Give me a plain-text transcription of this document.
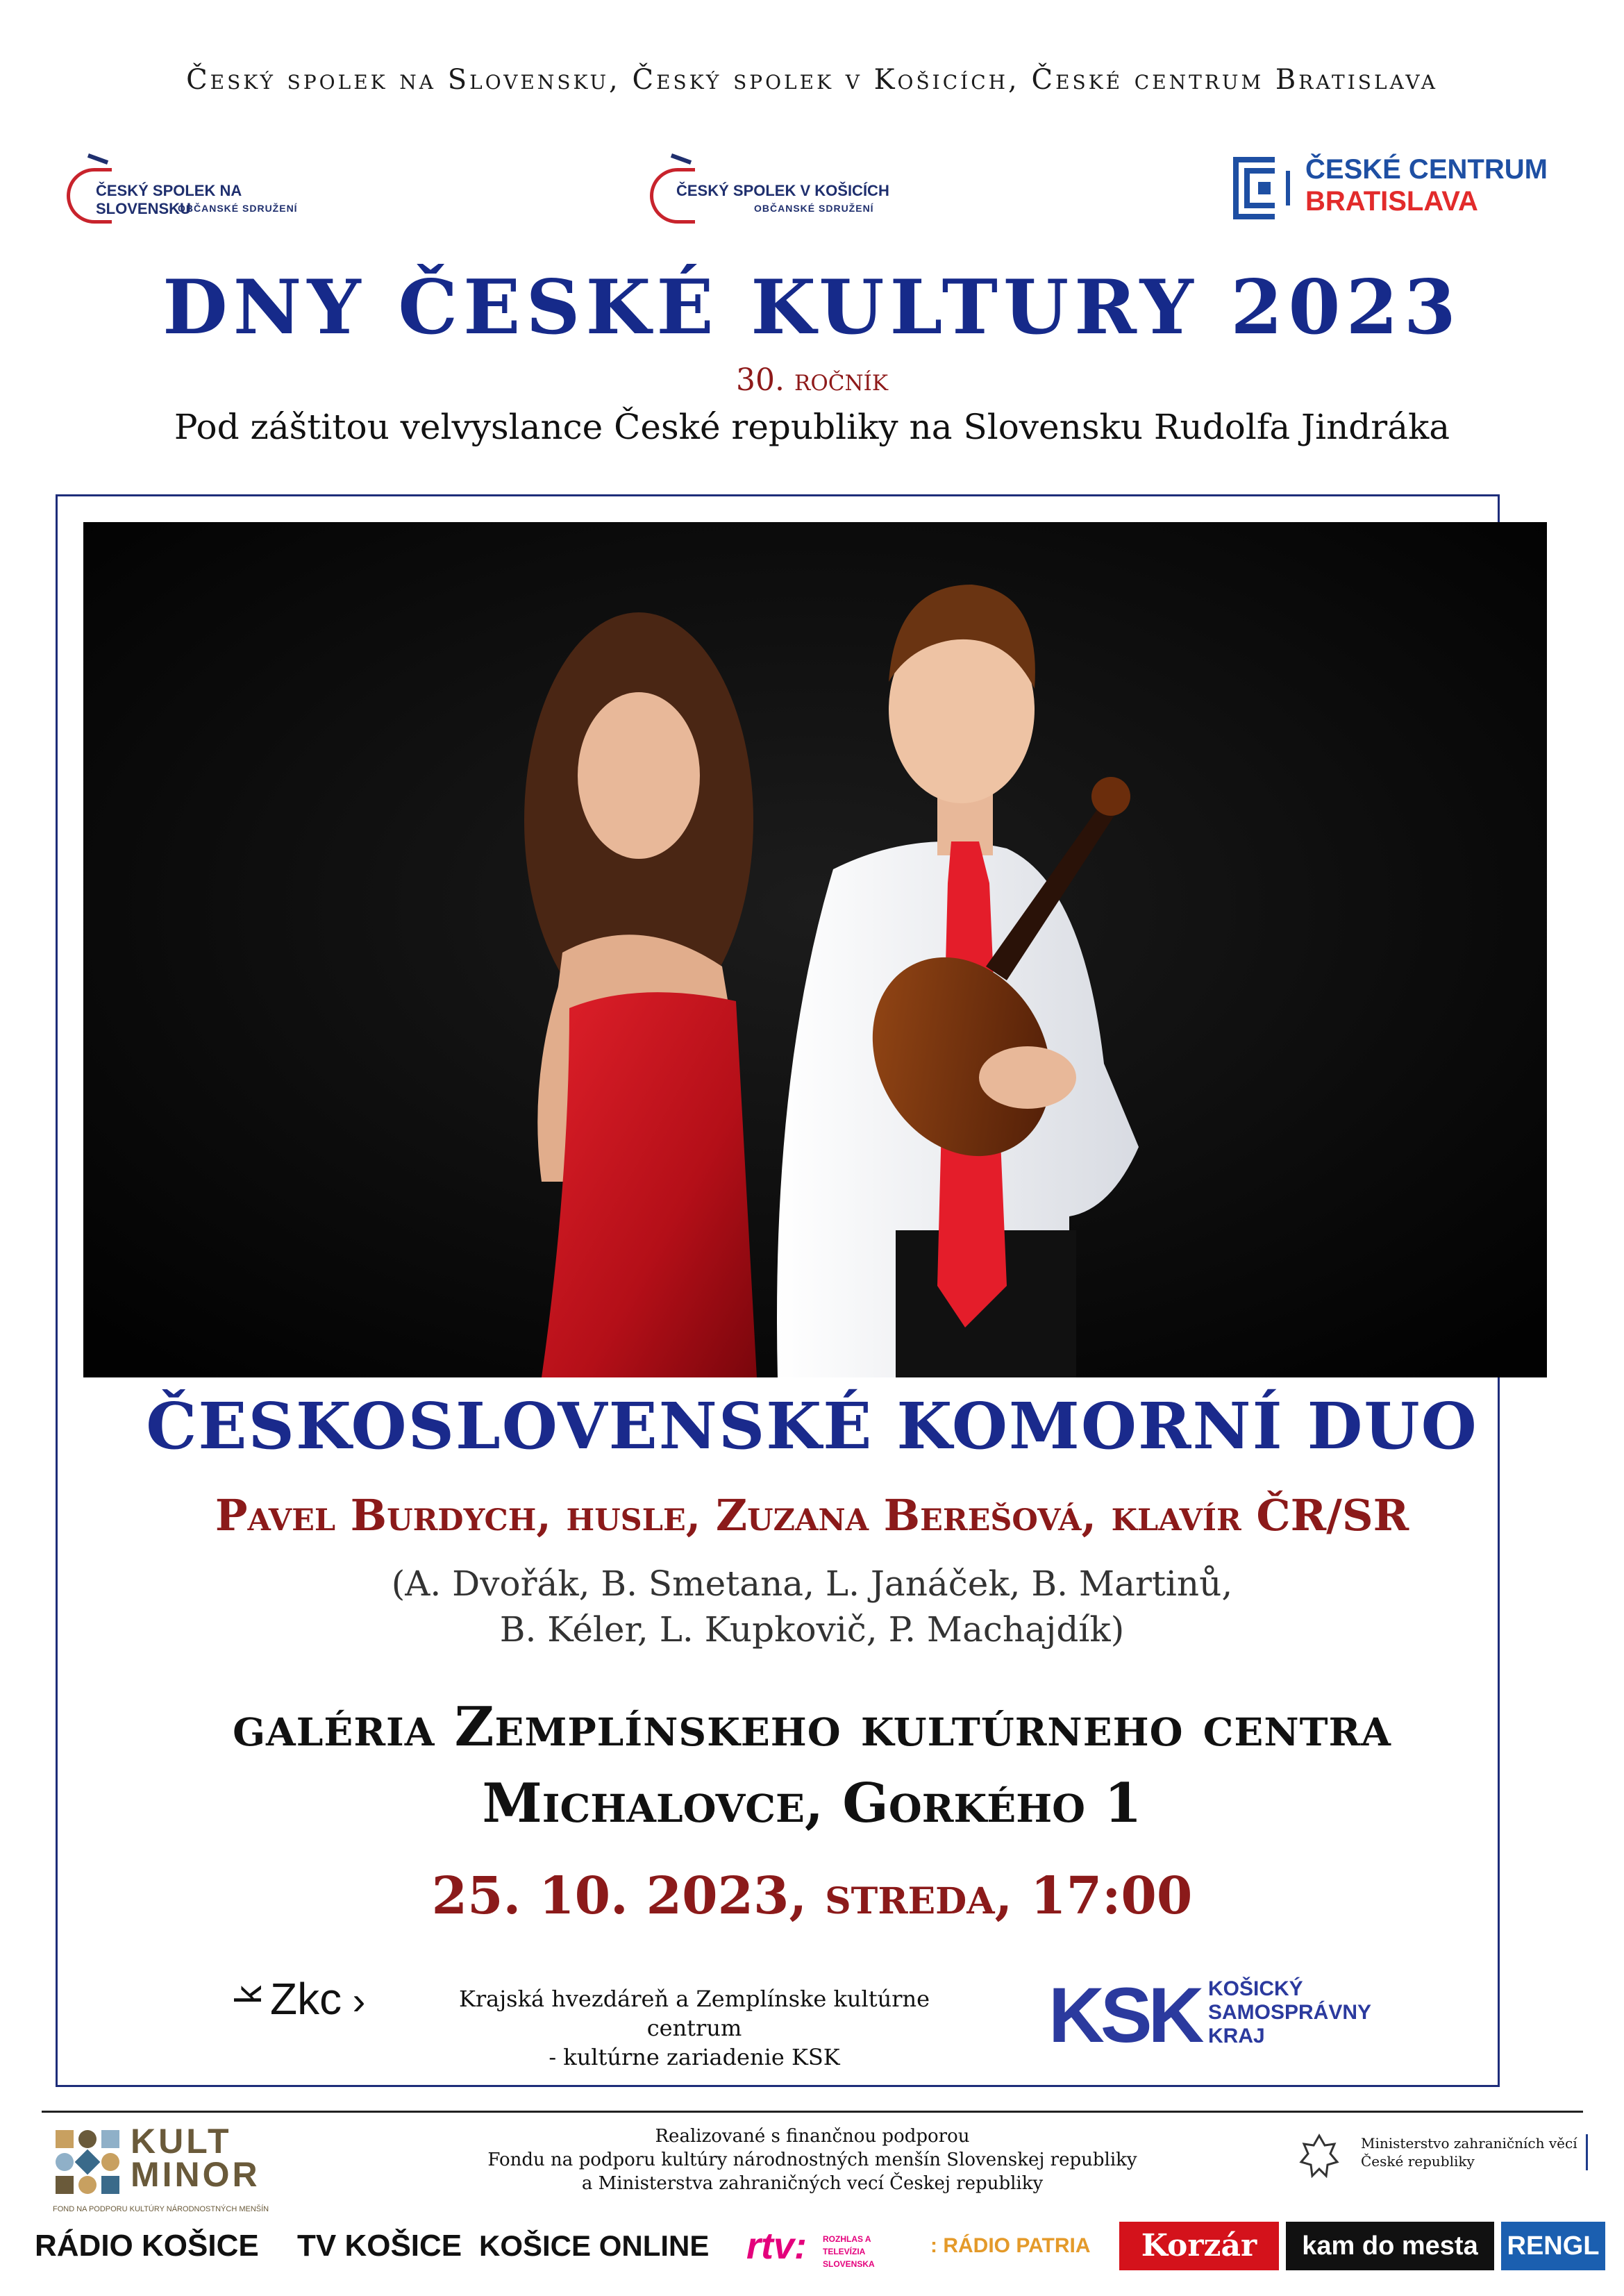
Český spolek na Slovensku, Český spolek v Košicích, České centrum Bratislava
ČESKÝ SPOLEK NA SLOVENSKU
OBČANSKÉ SDRUŽENÍ
ČESKÝ SPOLEK V KOŠICÍCH
OBČANSKÉ SDRUŽENÍ
ČESKÉ CENTRUM
BRATISLAVA
DNY ČESKÉ KULTURY 2023
30. ročník
Pod záštitou velvyslance České republiky na Slovensku Rudolfa Jindráka
ČESKOSLOVENSKÉ KOMORNÍ DUO
Pavel Burdych, husle, Zuzana Berešová, klavír ČR/SR
(A. Dvořák, B. Smetana, L. Janáček, B. Martinů,
B. Kéler, L. Kupkovič, P. Machajdík)
galéria Zemplínskeho kultúrneho centra
Michalovce, Gorkého 1
25. 10. 2023, streda, 17:00
ʞZkc ›	Krajská hvezdáreň a Zemplínske kultúrne centrum
- kultúrne zariadenie KSK	KSK KOŠICKÝ
SAMOSPRÁVNY
KRAJ
KULT
MINOR
FOND NA PODPORU KULTÚRY NÁRODNOSTNÝCH MENŠÍN
Realizované s finančnou podporou
Fondu na podporu kultúry národnostných menšín Slovenskej republiky
a Ministerstva zahraničných vecí Českej republiky
Ministerstvo zahraničních věcí
České republiky
RÁDIO KOŠICE TV KOŠICE KOŠICE ONLINE rtv: ROZHLAS A TELEVÍZIA SLOVENSKA
: RÁDIO PATRIA	Korzár	kam do mesta	RENGL
